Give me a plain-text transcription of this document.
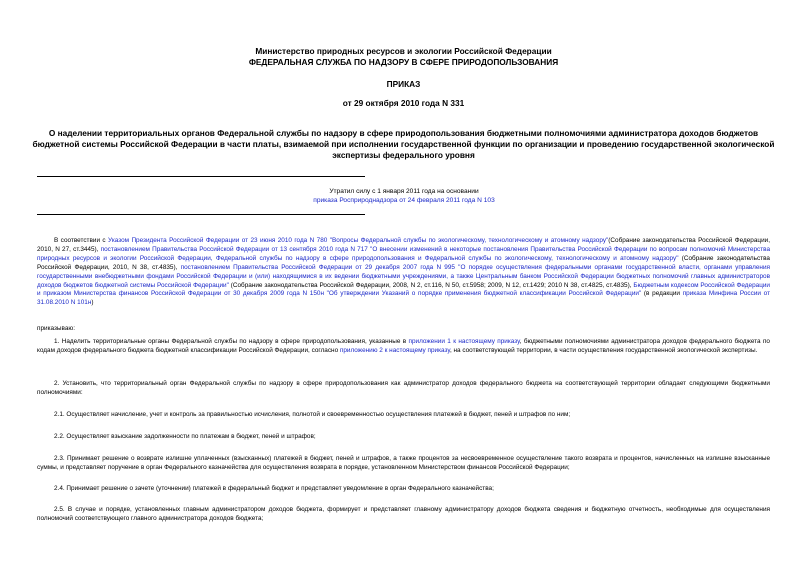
Министерство природных ресурсов и экологии Российской Федерации
ФЕДЕРАЛЬНАЯ СЛУЖБА ПО НАДЗОРУ В СФЕРЕ ПРИРОДОПОЛЬЗОВАНИЯ
ПРИКАЗ
от 29 октября 2010 года N 331
О наделении территориальных органов Федеральной службы по надзору в сфере природопользования бюджетными полномочиями администратора доходов бюджетов бюджетной системы Российской Федерации в части платы, взимаемой при исполнении государственной функции по организации и проведению государственной экологической экспертизы федерального уровня
Утратил силу с 1 января 2011 года на основании
приказа Росприроднадзора от 24 февраля 2011 года N 103
В соответствии с Указом Президента Российской Федерации от 23 июня 2010 года N 780 "Вопросы Федеральной службы по экологическому, технологическому и атомному надзору"(Собрание законодательства Российской Федерации, 2010, N 27, ст.3445), постановлением Правительства Российской Федерации от 13 сентября 2010 года N 717 "О внесении изменений в некоторые постановления Правительства Российской Федерации по вопросам полномочий Министерства природных ресурсов и экологии Российской Федерации, Федеральной службы по надзору в сфере природопользования и Федеральной службы по экологическому, технологическому и атомному надзору" (Собрание законодательства Российской Федерации, 2010, N 38, ст.4835), постановлением Правительства Российской Федерации от 29 декабря 2007 года N 995 "О порядке осуществления федеральными органами государственной власти, органами управления государственными внебюджетными фондами Российской Федерации и (или) находящимися в их ведении бюджетными учреждениями, а также Центральным банком Российской Федерации бюджетных полномочий главных администраторов доходов бюджетов бюджетной системы Российской Федерации" (Собрание законодательства Российской Федерации, 2008, N 2, ст.116, N 50, ст.5958; 2009, N 12, ст.1429; 2010 N 38, ст.4825, ст.4835), Бюджетным кодексом Российской Федерации и приказом Министерства финансов Российской Федерации от 30 декабря 2009 года N 150н "Об утверждении Указаний о порядке применения бюджетной классификации Российской Федерации" (в редакции приказа Минфина России от 31.08.2010 N 101н)
приказываю:
1. Наделить территориальные органы Федеральной службы по надзору в сфере природопользования, указанные в приложении 1 к настоящему приказу, бюджетными полномочиями администратора доходов федерального бюджета по кодам доходов федерального бюджета бюджетной классификации Российской Федерации, согласно приложению 2 к настоящему приказу, на соответствующей территории, в части осуществления государственной экологической экспертизы.
2. Установить, что территориальный орган Федеральной службы по надзору в сфере природопользования как администратор доходов федерального бюджета на соответствующей территории обладает следующими бюджетными полномочиями:
2.1. Осуществляет начисление, учет и контроль за правильностью исчисления, полнотой и своевременностью осуществления платежей в бюджет, пеней и штрафов по ним;
2.2. Осуществляет взыскание задолженности по платежам в бюджет, пеней и штрафов;
2.3. Принимает решение о возврате излишне уплаченных (взысканных) платежей в бюджет, пеней и штрафов, а также процентов за несвоевременное осуществление такого возврата и процентов, начисленных на излишне взысканные суммы, и представляет поручение в орган Федерального казначейства для осуществления возврата в порядке, установленном Министерством финансов Российской Федерации;
2.4. Принимает решение о зачете (уточнении) платежей в федеральный бюджет и представляет уведомление в орган Федерального казначейства;
2.5. В случае и порядке, установленных главным администратором доходов бюджета, формирует и представляет главному администратору доходов бюджета сведения и бюджетную отчетность, необходимые для осуществления полномочий соответствующего главного администратора доходов бюджета;
